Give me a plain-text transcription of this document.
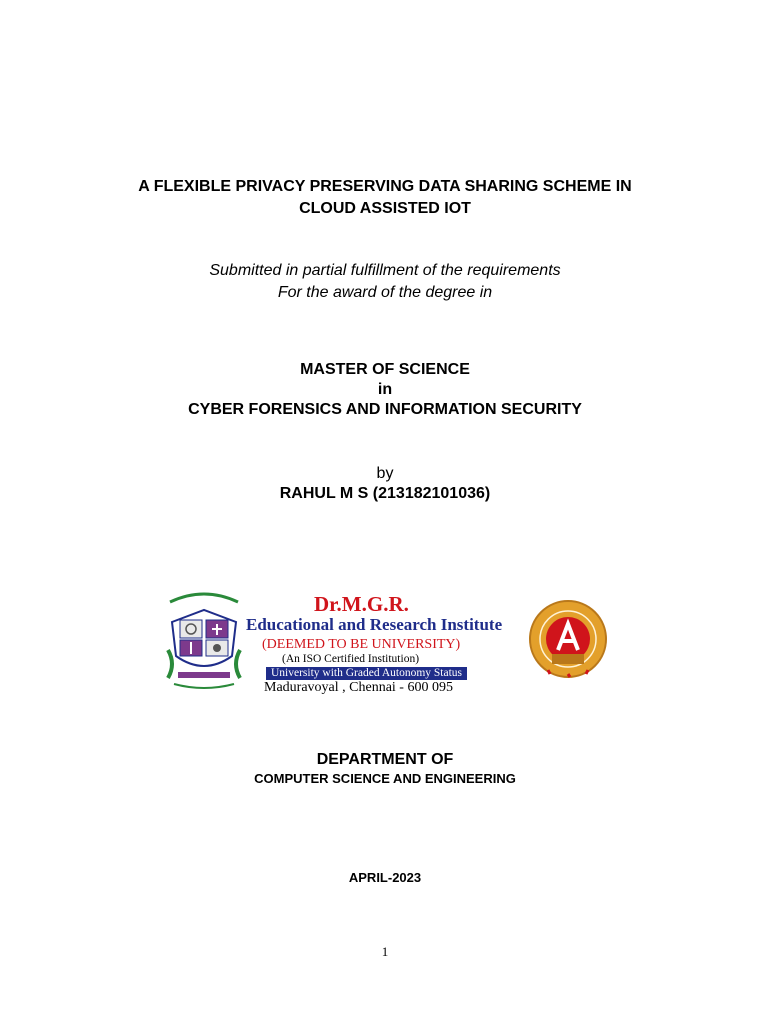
A FLEXIBLE PRIVACY PRESERVING DATA SHARING SCHEME IN
CLOUD ASSISTED IOT
Submitted in partial fulfillment of the requirements
For the award of the degree in
MASTER OF SCIENCE
in
CYBER FORENSICS AND INFORMATION SECURITY
by
RAHUL M S (213182101036)
Dr.M.G.R.
Educational and Research Institute
(DEEMED TO BE UNIVERSITY)
(An ISO Certified Institution)
University with Graded Autonomy Status
Maduravoyal , Chennai - 600 095
DEPARTMENT OF
COMPUTER SCIENCE AND ENGINEERING
APRIL-2023
1
